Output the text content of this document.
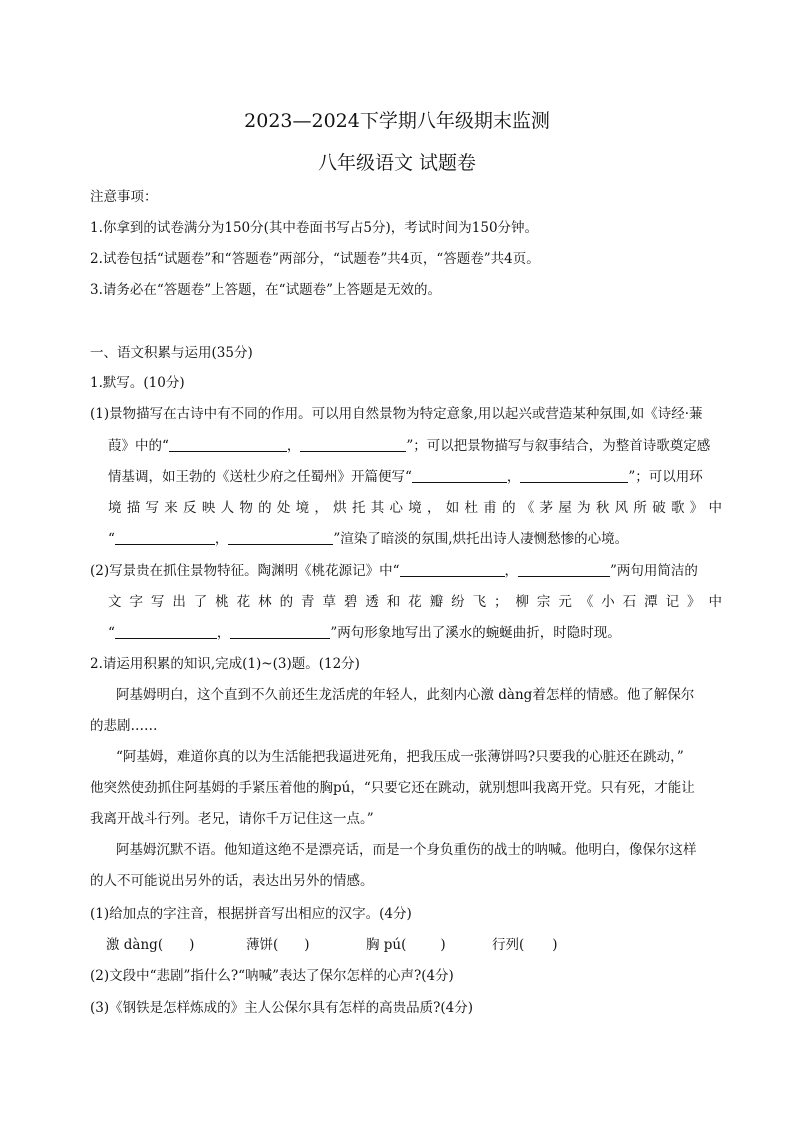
2023—2024下学期八年级期末监测
八年级语文 试题卷
注意事项：
1.你拿到的试卷满分为150分(其中卷面书写占5分)，考试时间为150分钟。
2.试卷包括“试题卷”和“答题卷”两部分，“试题卷”共4页，“答题卷”共4页。
3.请务必在“答题卷”上答题，在“试题卷”上答题是无效的。
一、语文积累与运用(35分)
1.默写。(10分)
(1)景物描写在古诗中有不同的作用。可以用自然景物为特定意象,用以起兴或营造某种氛围,如《诗经·蒹
葭》中的“	，	”；可以把景物描写与叙事结合，为整首诗歌奠定感
情基调，如王勃的《送杜少府之任蜀州》开篇便写“	，	”；可以用环
境描写来反映人物的处境，烘托其心境，如杜甫的《茅屋为秋风所破歌》中
“	，	”渲染了暗淡的氛围,烘托出诗人凄恻愁惨的心境。
(2)写景贵在抓住景物特征。陶渊明《桃花源记》中“	，	”两句用简洁的
文字写出了桃花林的青草碧透和花瓣纷飞；柳宗元《小石潭记》中
“	，	”两句形象地写出了溪水的蜿蜒曲折，时隐时现。
2.请运用积累的知识,完成(1)~(3)题。(12分)
阿基姆明白，这个直到不久前还生龙活虎的年轻人，此刻内心激 dàng着怎样的情感。他了解保尔
的悲剧……
“阿基姆，难道你真的以为生活能把我逼进死角，把我压成一张薄饼吗?只要我的心脏还在跳动，”
他突然使劲抓住阿基姆的手紧压着他的胸pú，“只要它还在跳动，就别想叫我离开党。只有死，才能让
我离开战斗行列。老兄，请你千万记住这一点。”
阿基姆沉默不语。他知道这绝不是漂亮话，而是一个身负重伤的战士的呐喊。他明白，像保尔这样
的人不可能说出另外的话，表达出另外的情感。
(1)给加点的字注音，根据拼音写出相应的汉字。(4分)
激 dàng( )	薄饼( )	胸 pú(	)	行列( )
(2)文段中“悲剧”指什么?“呐喊”表达了保尔怎样的心声?(4分)
(3)《钢铁是怎样炼成的》主人公保尔具有怎样的高贵品质?(4分)
